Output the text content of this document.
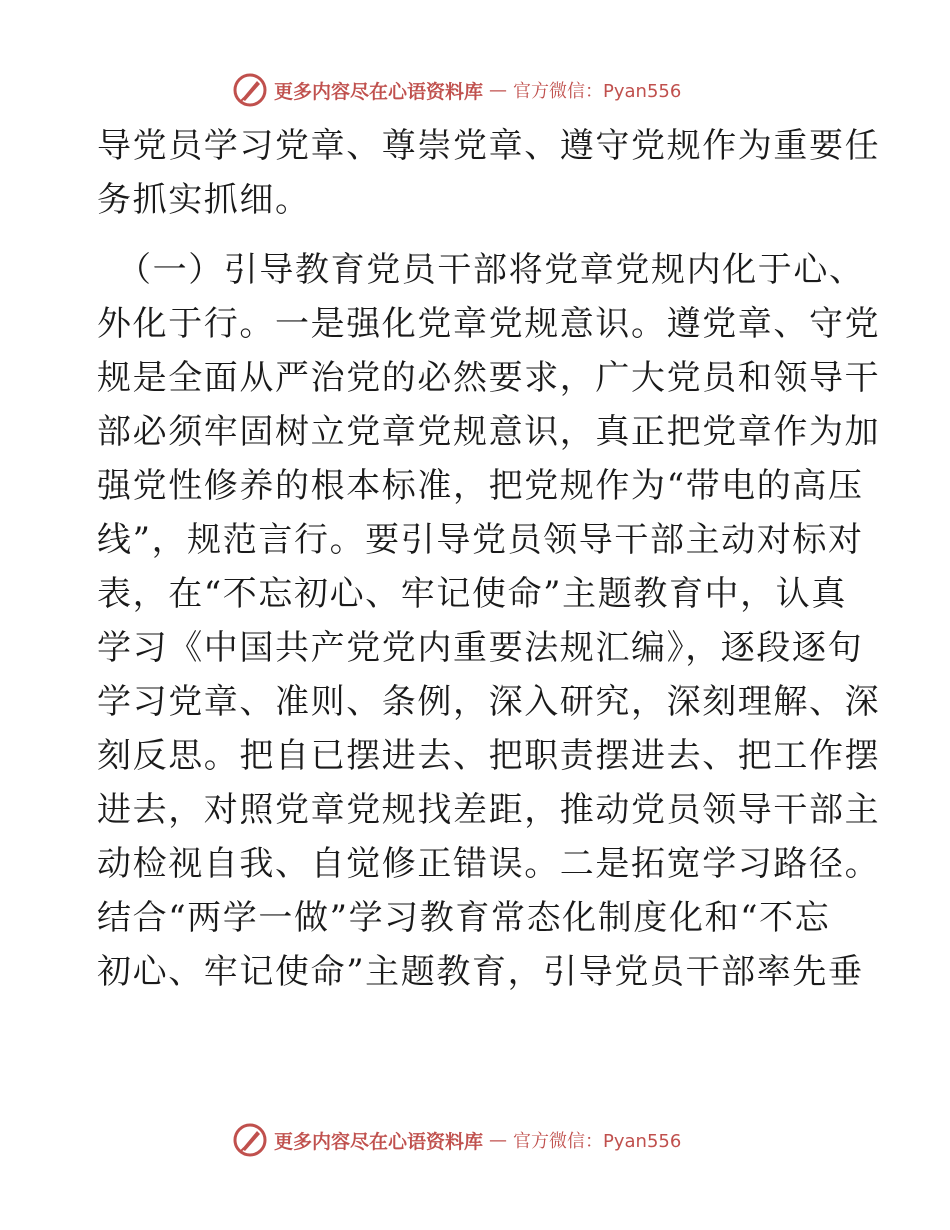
更多内容尽在心语资料库 — 官方微信：Pyan556
导党员学习党章、尊崇党章、遵守党规作为重要任
务抓实抓细。
（一）引导教育党员干部将党章党规内化于心、
外化于行。一是强化党章党规意识。遵党章、守党
规是全面从严治党的必然要求，广大党员和领导干
部必须牢固树立党章党规意识，真正把党章作为加
强党性修养的根本标准，把党规作为“带电的高压
线”，规范言行。要引导党员领导干部主动对标对
表，在“不忘初心、牢记使命”主题教育中，认真
学习《中国共产党党内重要法规汇编》，逐段逐句
学习党章、准则、条例，深入研究，深刻理解、深
刻反思。把自已摆进去、把职责摆进去、把工作摆
进去，对照党章党规找差距，推动党员领导干部主
动检视自我、自觉修正错误。二是拓宽学习路径。
结合“两学一做”学习教育常态化制度化和“不忘
初心、牢记使命”主题教育，引导党员干部率先垂
更多内容尽在心语资料库 — 官方微信：Pyan556
